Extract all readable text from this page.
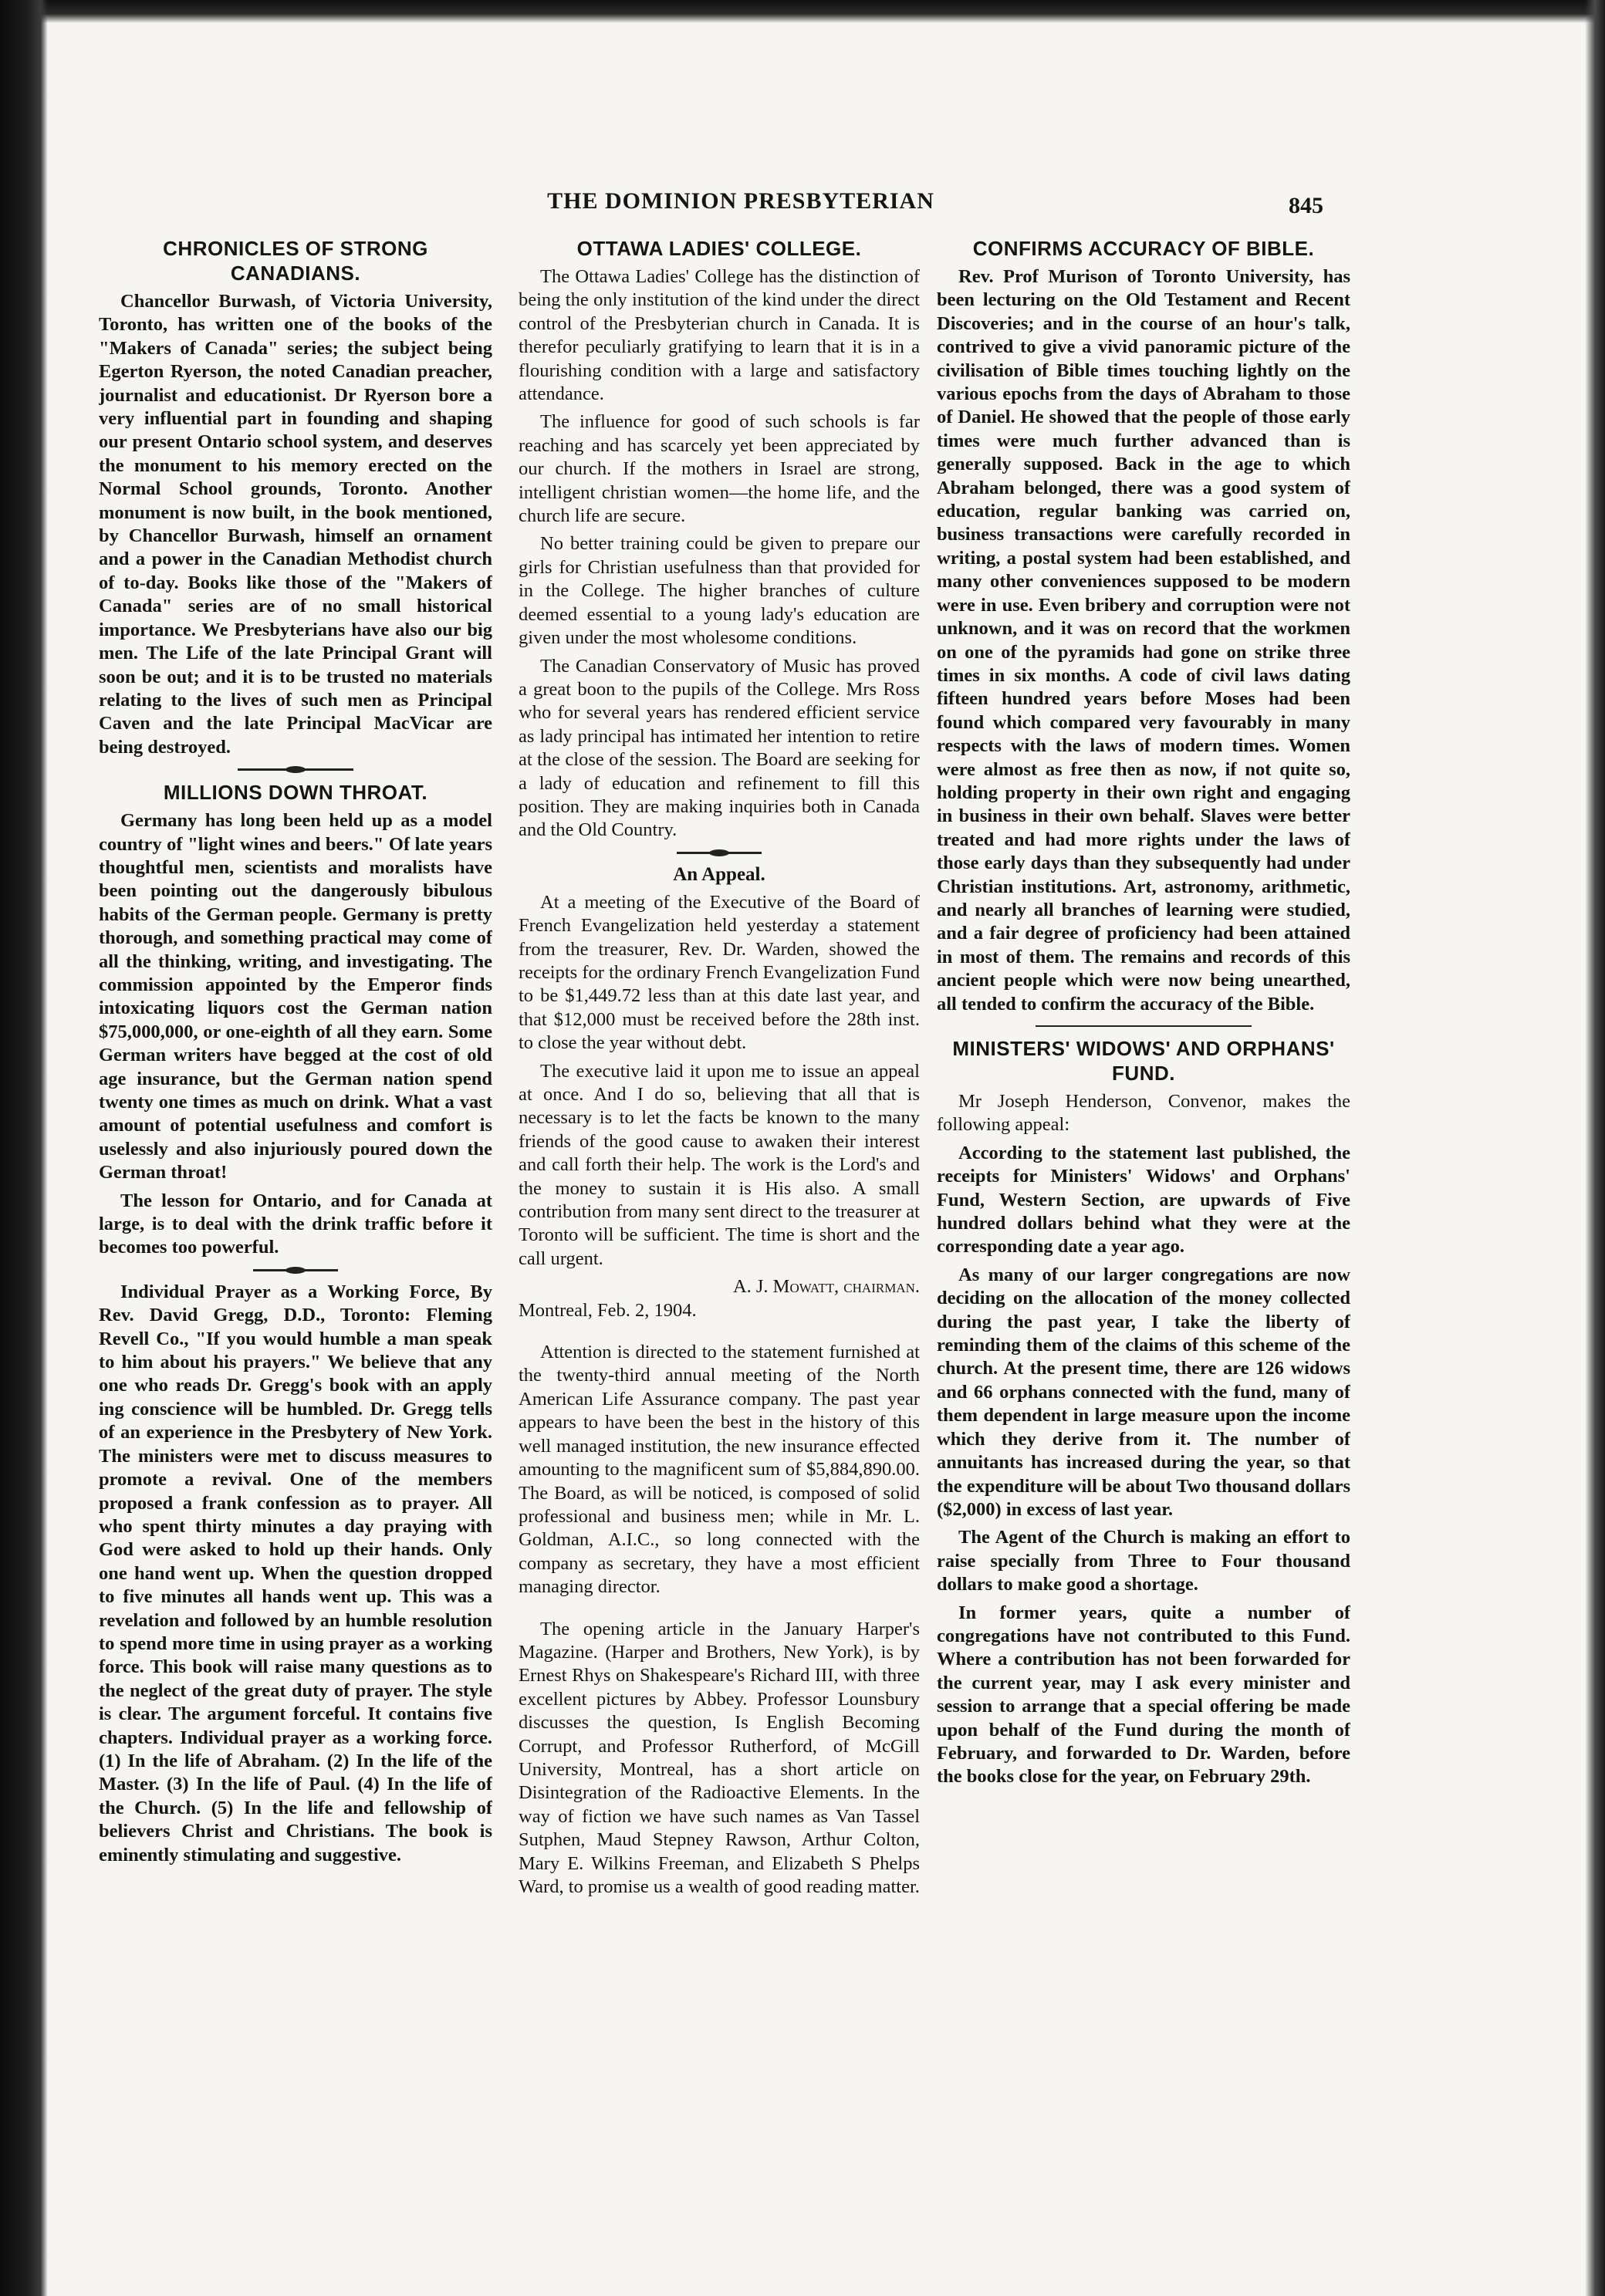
THE DOMINION PRESBYTERIAN	845
CHRONICLES OF STRONG CANADIANS.

Chancellor Burwash, of Victoria University, Toronto, has written one of the books of the "Makers of Canada" series; the subject being Egerton Ryerson, the noted Canadian preacher, journalist and educationist. Dr Ryerson bore a very influential part in founding and shaping our present Ontario school system, and deserves the monument to his memory erected on the Normal School grounds, Toronto. Another monument is now built, in the book mentioned, by Chancellor Burwash, himself an ornament and a power in the Canadian Methodist church of to-day. Books like those of the "Makers of Canada" series are of no small historical importance. We Presbyterians have also our big men. The Life of the late Principal Grant will soon be out; and it is to be trusted no materials relating to the lives of such men as Principal Caven and the late Principal MacVicar are being destroyed.

MILLIONS DOWN THROAT.

Germany has long been held up as a model country of "light wines and beers." Of late years thoughtful men, scientists and moralists have been pointing out the dangerously bibulous habits of the German people. Germany is pretty thorough, and something practical may come of all the thinking, writing, and investigating. The commission appointed by the Emperor finds intoxicating liquors cost the German nation $75,000,000, or one-eighth of all they earn. Some German writers have begged at the cost of old age insurance, but the German nation spend twenty one times as much on drink. What a vast amount of potential usefulness and comfort is uselessly and also injuriously poured down the German throat!

The lesson for Ontario, and for Canada at large, is to deal with the drink traffic before it becomes too powerful.

Individual Prayer as a Working Force, By Rev. David Gregg, D.D., Toronto: Fleming Revell Co., "If you would humble a man speak to him about his prayers." We believe that any one who reads Dr. Gregg's book with an apply ing conscience will be humbled. Dr. Gregg tells of an experience in the Presbytery of New York. The ministers were met to discuss measures to promote a revival. One of the members proposed a frank confession as to prayer. All who spent thirty minutes a day praying with God were asked to hold up their hands. Only one hand went up. When the question dropped to five minutes all hands went up. This was a revelation and followed by an humble resolution to spend more time in using prayer as a working force. This book will raise many questions as to the neglect of the great duty of prayer. The style is clear. The argument forceful. It contains five chapters. Individual prayer as a working force. (1) In the life of Abraham. (2) In the life of the Master. (3) In the life of Paul. (4) In the life of the Church. (5) In the life and fellowship of believers Christ and Christians. The book is eminently stimulating and suggestive.

OTTAWA LADIES' COLLEGE.

The Ottawa Ladies' College has the distinction of being the only institution of the kind under the direct control of the Presbyterian church in Canada. It is therefor peculiarly gratifying to learn that it is in a flourishing condition with a large and satisfactory attendance.

The influence for good of such schools is far reaching and has scarcely yet been appreciated by our church. If the mothers in Israel are strong, intelligent christian women—the home life, and the church life are secure.

No better training could be given to prepare our girls for Christian usefulness than that provided for in the College. The higher branches of culture deemed essential to a young lady's education are given under the most wholesome conditions.

The Canadian Conservatory of Music has proved a great boon to the pupils of the College. Mrs Ross who for several years has rendered efficient service as lady principal has intimated her intention to retire at the close of the session. The Board are seeking for a lady of education and refinement to fill this position. They are making inquiries both in Canada and the Old Country.

An Appeal.

At a meeting of the Executive of the Board of French Evangelization held yesterday a statement from the treasurer, Rev. Dr. Warden, showed the receipts for the ordinary French Evangelization Fund to be $1,449.72 less than at this date last year, and that $12,000 must be received before the 28th inst. to close the year without debt.

The executive laid it upon me to issue an appeal at once. And I do so, believing that all that is necessary is to let the facts be known to the many friends of the good cause to awaken their interest and call forth their help. The work is the Lord's and the money to sustain it is His also. A small contribution from many sent direct to the treasurer at Toronto will be sufficient. The time is short and the call urgent.

A. J. Mowatt, chairman.

Montreal, Feb. 2, 1904.

Attention is directed to the statement furnished at the twenty-third annual meeting of the North American Life Assurance company. The past year appears to have been the best in the history of this well managed institution, the new insurance effected amounting to the magnificent sum of $5,884,890.00. The Board, as will be noticed, is composed of solid professional and business men; while in Mr. L. Goldman, A.I.C., so long connected with the company as secretary, they have a most efficient managing director.

The opening article in the January Harper's Magazine. (Harper and Brothers, New York), is by Ernest Rhys on Shakespeare's Richard III, with three excellent pictures by Abbey. Professor Lounsbury discusses the question, Is English Becoming Corrupt, and Professor Rutherford, of McGill University, Montreal, has a short article on Disintegration of the Radioactive Elements. In the way of fiction we have such names as Van Tassel Sutphen, Maud Stepney Rawson, Arthur Colton, Mary E. Wilkins Freeman, and Elizabeth S Phelps Ward, to promise us a wealth of good reading matter.

CONFIRMS ACCURACY OF BIBLE.

Rev. Prof Murison of Toronto University, has been lecturing on the Old Testament and Recent Discoveries; and in the course of an hour's talk, contrived to give a vivid panoramic picture of the civilisation of Bible times touching lightly on the various epochs from the days of Abraham to those of Daniel. He showed that the people of those early times were much further advanced than is generally supposed. Back in the age to which Abraham belonged, there was a good system of education, regular banking was carried on, business transactions were carefully recorded in writing, a postal system had been established, and many other conveniences supposed to be modern were in use. Even bribery and corruption were not unknown, and it was on record that the workmen on one of the pyramids had gone on strike three times in six months. A code of civil laws dating fifteen hundred years before Moses had been found which compared very favourably in many respects with the laws of modern times. Women were almost as free then as now, if not quite so, holding property in their own right and engaging in business in their own behalf. Slaves were better treated and had more rights under the laws of those early days than they subsequently had under Christian institutions. Art, astronomy, arithmetic, and nearly all branches of learning were studied, and a fair degree of proficiency had been attained in most of them. The remains and records of this ancient people which were now being unearthed, all tended to confirm the accuracy of the Bible.

MINISTERS' WIDOWS' AND ORPHANS' FUND.

Mr Joseph Henderson, Convenor, makes the following appeal:

According to the statement last published, the receipts for Ministers' Widows' and Orphans' Fund, Western Section, are upwards of Five hundred dollars behind what they were at the corresponding date a year ago.

As many of our larger congregations are now deciding on the allocation of the money collected during the past year, I take the liberty of reminding them of the claims of this scheme of the church. At the present time, there are 126 widows and 66 orphans connected with the fund, many of them dependent in large measure upon the income which they derive from it. The number of annuitants has increased during the year, so that the expenditure will be about Two thousand dollars ($2,000) in excess of last year.

The Agent of the Church is making an effort to raise specially from Three to Four thousand dollars to make good a shortage.

In former years, quite a number of congregations have not contributed to this Fund. Where a contribution has not been forwarded for the current year, may I ask every minister and session to arrange that a special offering be made upon behalf of the Fund during the month of February, and forwarded to Dr. Warden, before the books close for the year, on February 29th.
